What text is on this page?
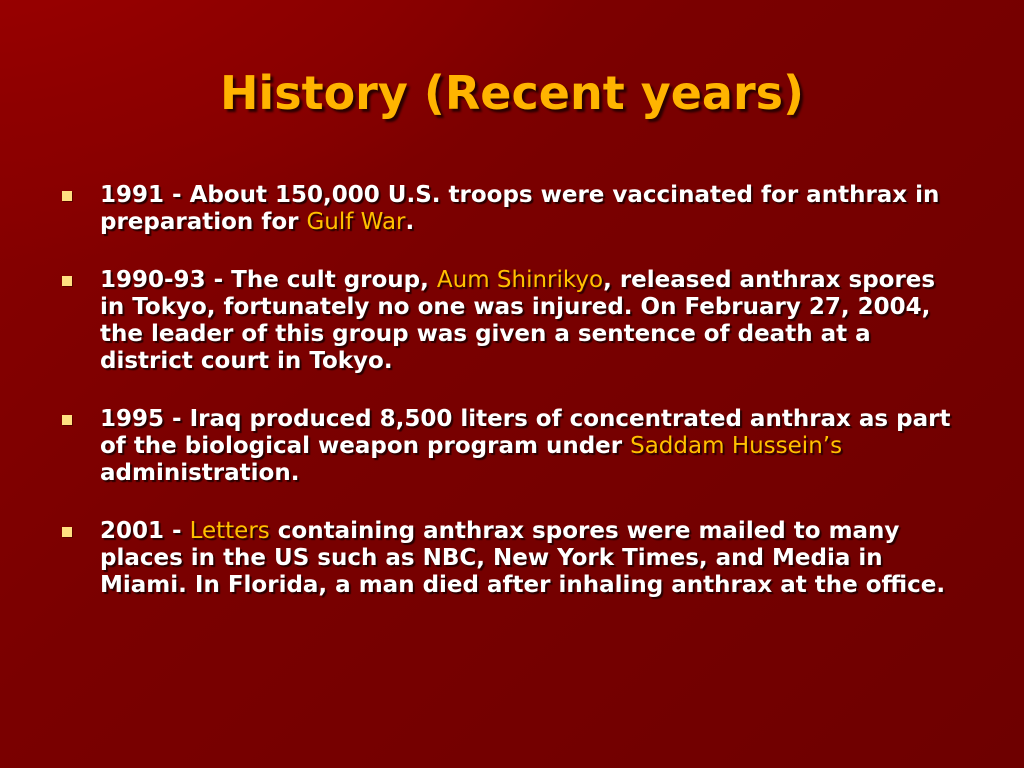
History (Recent years)
1991 - About 150,000 U.S. troops were vaccinated for anthrax in preparation for Gulf War.
1990-93 - The cult group, Aum Shinrikyo, released anthrax spores in Tokyo, fortunately no one was injured. On February 27, 2004, the leader of this group was given a sentence of death at a district court in Tokyo.
1995 - Iraq produced 8,500 liters of concentrated anthrax as part of the biological weapon program under Saddam Hussein’s administration.
2001 - Letters containing anthrax spores were mailed to many places in the US such as NBC, New York Times, and Media in Miami. In Florida, a man died after inhaling anthrax at the office.
